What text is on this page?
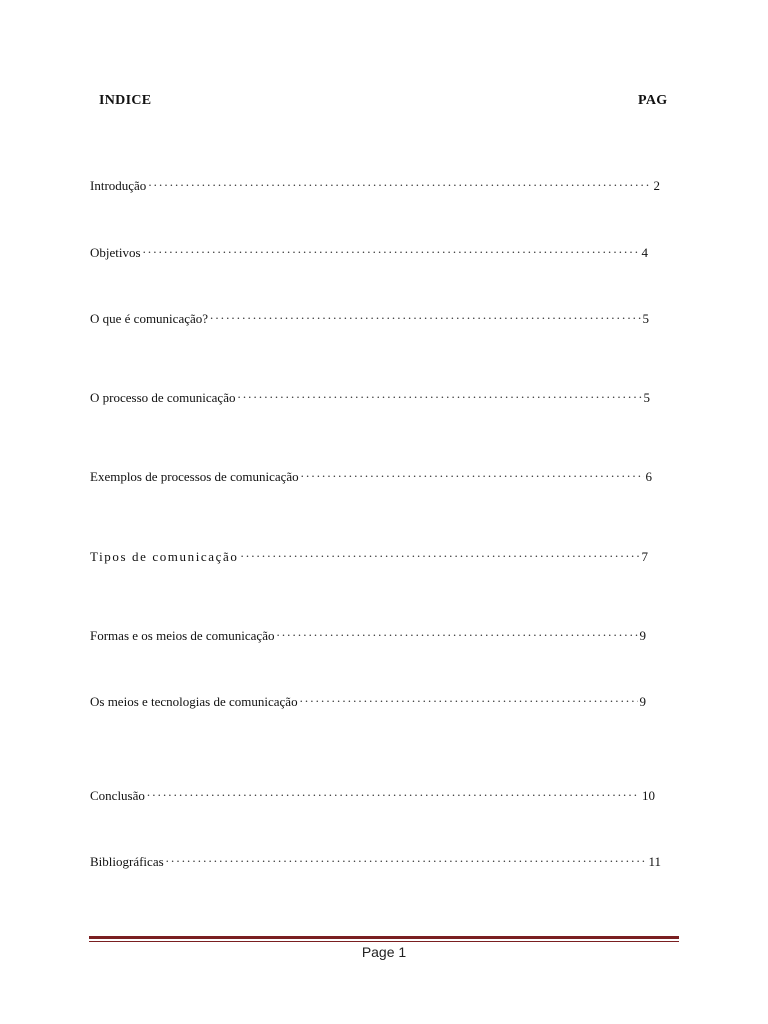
INDICE	PAG
Introdução .....	2
Objetivos .....	4
O que é comunicação? .....	5
O processo de comunicação .....	5
Exemplos de processos de comunicação .....	6
Tipos de comunicação .....	7
Formas e os meios de comunicação .....	9
Os meios e tecnologias de comunicação .....	9
Conclusão .....	10
Bibliográficas .....	11
Page 1
